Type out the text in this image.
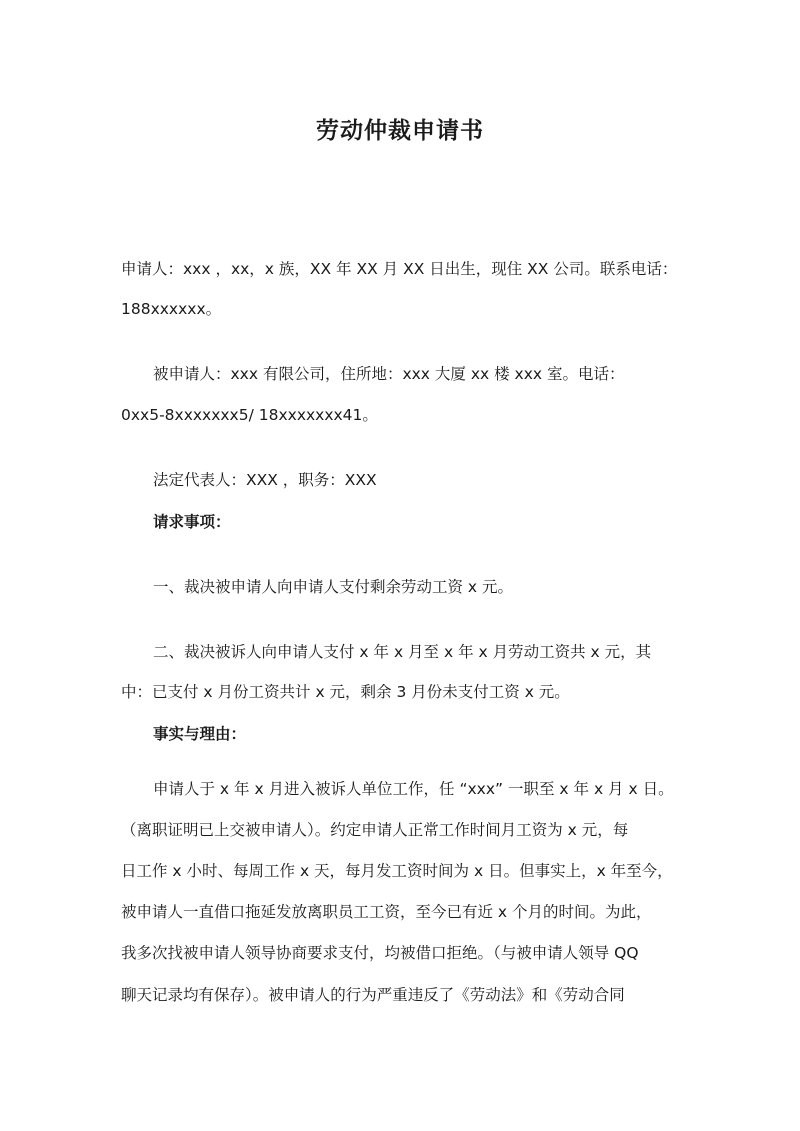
劳动仲裁申请书
申请人：xxx ，xx，x 族，XX 年 XX 月 XX 日出生，现住 XX 公司。联系电话：
188xxxxxx。
被申请人：xxx 有限公司，住所地：xxx 大厦 xx 楼 xxx 室。电话：
0xx5-8xxxxxxx5/ 18xxxxxxx41。
法定代表人：XXX ，职务：XXX
请求事项：
一、裁决被申请人向申请人支付剩余劳动工资 x 元。
二、裁决被诉人向申请人支付 x 年 x 月至 x 年 x 月劳动工资共 x 元，其
中：已支付 x 月份工资共计 x 元，剩余 3 月份未支付工资 x 元。
事实与理由：
申请人于 x 年 x 月进入被诉人单位工作，任 “xxx” 一职至 x 年 x 月 x 日。
（离职证明已上交被申请人）。约定申请人正常工作时间月工资为 x 元，每
日工作 x 小时、每周工作 x 天，每月发工资时间为 x 日。但事实上，x 年至今，
被申请人一直借口拖延发放离职员工工资，至今已有近 x 个月的时间。为此，
我多次找被申请人领导协商要求支付，均被借口拒绝。（与被申请人领导 QQ
聊天记录均有保存）。被申请人的行为严重违反了《劳动法》和《劳动合同
